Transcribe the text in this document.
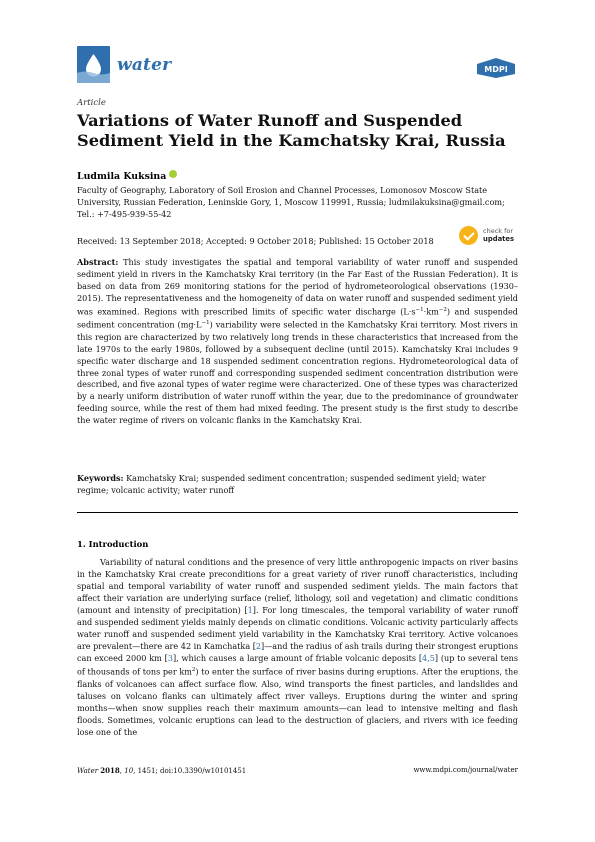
water	MDPI
Article
Variations of Water Runoff and Suspended Sediment Yield in the Kamchatsky Krai, Russia
Ludmila Kuksina
Faculty of Geography, Laboratory of Soil Erosion and Channel Processes, Lomonosov Moscow State University, Russian Federation, Leninskie Gory, 1, Moscow 119991, Russia; ludmilakuksina@gmail.com; Tel.: +7-495-939-55-42
check for
updates
Received: 13 September 2018; Accepted: 9 October 2018; Published: 15 October 2018
Abstract: This study investigates the spatial and temporal variability of water runoff and suspended sediment yield in rivers in the Kamchatsky Krai territory (in the Far East of the Russian Federation). It is based on data from 269 monitoring stations for the period of hydrometeorological observations (1930–2015). The representativeness and the homogeneity of data on water runoff and suspended sediment yield was examined. Regions with prescribed limits of specific water discharge $(L\cdot s^{-1}\cdot km^{-2})$ and suspended sediment concentration $(mg\cdot L^{-1})$ variability were selected in the Kamchatsky Krai territory. Most rivers in this region are characterized by two relatively long trends in these characteristics that increased from the late 1970s to the early 1980s, followed by a subsequent decline (until 2015). Kamchatsky Krai includes 9 specific water discharge and 18 suspended sediment concentration regions. Hydrometeorological data of three zonal types of water runoff and corresponding suspended sediment concentration distribution were described, and five azonal types of water regime were characterized. One of these types was characterized by a nearly uniform distribution of water runoff within the year, due to the predominance of groundwater feeding source, while the rest of them had mixed feeding. The present study is the first study to describe the water regime of rivers on volcanic flanks in the Kamchatsky Krai.
Keywords: Kamchatsky Krai; suspended sediment concentration; suspended sediment yield; water regime; volcanic activity; water runoff
1. Introduction

Variability of natural conditions and the presence of very little anthropogenic impacts on river basins in the Kamchatsky Krai create preconditions for a great variety of river runoff characteristics, including spatial and temporal variability of water runoff and suspended sediment yields. The main factors that affect their variation are underlying surface (relief, lithology, soil and vegetation) and climatic conditions (amount and intensity of precipitation) [1]. For long timescales, the temporal variability of water runoff and suspended sediment yields mainly depends on climatic conditions. Volcanic activity particularly affects water runoff and suspended sediment yield variability in the Kamchatsky Krai territory. Active volcanoes are prevalent—there are 42 in Kamchatka [2]—and the radius of ash trails during their strongest eruptions can exceed 2000 km [3], which causes a large amount of friable volcanic deposits [4,5] (up to several tens of thousands of tons per $km^2$) to enter the surface of river basins during eruptions. After the eruptions, the flanks of volcanoes can affect surface flow. Also, wind transports the finest particles, and landslides and taluses on volcano flanks can ultimately affect river valleys. Eruptions during the winter and spring months—when snow supplies reach their maximum amounts—can lead to intensive melting and flash floods. Sometimes, volcanic eruptions can lead to the destruction of glaciers, and rivers with ice feeding lose one of the

Water 2018, 10, 1451; doi:10.3390/w10101451	www.mdpi.com/journal/water
